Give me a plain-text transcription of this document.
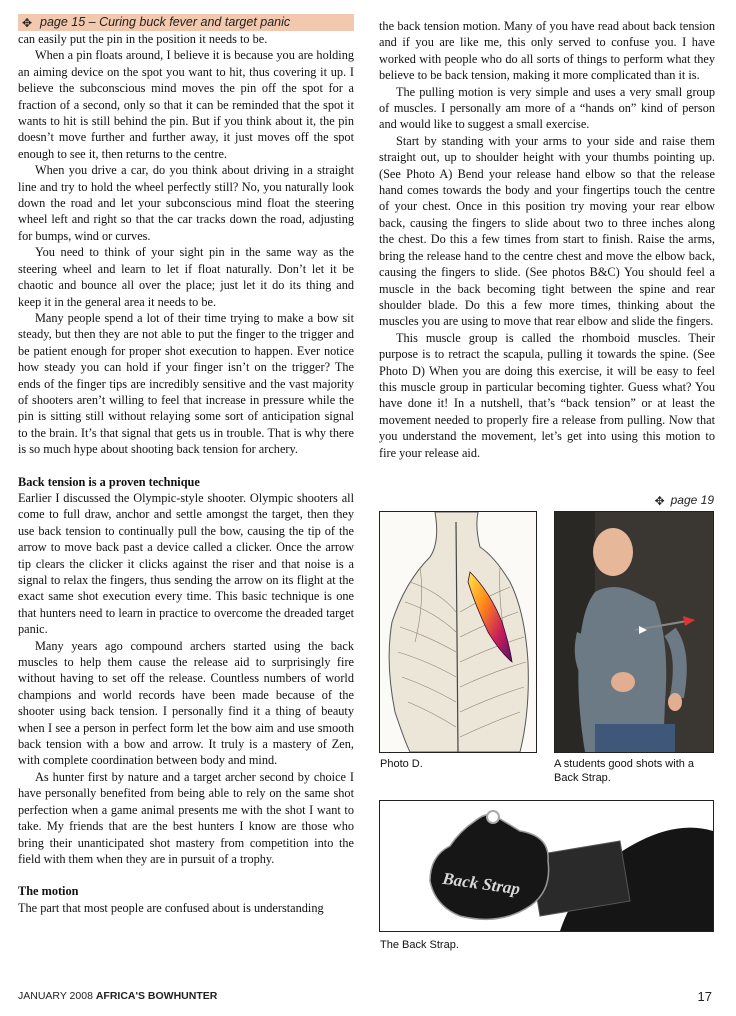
✥ page 15 – Curing buck fever and target panic

can easily put the pin in the position it needs to be.

When a pin floats around, I believe it is because you are holding an aiming device on the spot you want to hit, thus covering it up. I believe the subconscious mind moves the pin off the spot for a fraction of a second, only so that it can be reminded that the spot it wants to hit is still behind the pin. But if you think about it, the pin doesn’t move further and further away, it just moves off the spot enough to see it, then returns to the centre.

When you drive a car, do you think about driving in a straight line and try to hold the wheel perfectly still? No, you naturally look down the road and let your subconscious mind float the steering wheel left and right so that the car tracks down the road, adjusting for bumps, wind or curves.

You need to think of your sight pin in the same way as the steering wheel and learn to let if float naturally. Don’t let it be chaotic and bounce all over the place; just let it do its thing and keep it in the general area it needs to be.

Many people spend a lot of their time trying to make a bow sit steady, but then they are not able to put the finger to the trigger and be patient enough for proper shot execution to happen. Ever notice how steady you can hold if your finger isn’t on the trigger? The ends of the finger tips are incredibly sensitive and the vast majority of shooters aren’t willing to feel that increase in pressure while the pin is sitting still without relaying some sort of anticipation signal to the brain. It’s that signal that gets us in trouble. That is why there is so much hype about shooting back tension for archery.

Back tension is a proven technique

Earlier I discussed the Olympic-style shooter. Olympic shooters all come to full draw, anchor and settle amongst the target, then they use back tension to continually pull the bow, causing the tip of the arrow to move back past a device called a clicker. Once the arrow tip clears the clicker it clicks against the riser and that noise is a signal to relax the fingers, thus sending the arrow on its flight at the exact same shot execution every time. This basic technique is one that hunters need to learn in practice to overcome the dreaded target panic.

Many years ago compound archers started using the back muscles to help them cause the release aid to surprisingly fire without having to set off the release. Countless numbers of world champions and world records have been made because of the shooter using back tension. I personally find it a thing of beauty when I see a person in perfect form let the bow aim and use smooth back tension with a bow and arrow. It truly is a mastery of Zen, with complete coordination between body and mind.

As hunter first by nature and a target archer second by choice I have personally benefited from being able to rely on the same shot perfection when a game animal presents me with the shot I want to take. My friends that are the best hunters I know are those who bring their unanticipated shot mastery from competition into the field with them when they are in pursuit of a trophy.

The motion

The part that most people are confused about is understanding

the back tension motion. Many of you have read about back tension and if you are like me, this only served to confuse you. I have worked with people who do all sorts of things to perform what they believe to be back tension, making it more complicated than it is.

The pulling motion is very simple and uses a very small group of muscles. I personally am more of a “hands on” kind of person and would like to suggest a small exercise.

Start by standing with your arms to your side and raise them straight out, up to shoulder height with your thumbs pointing up. (See Photo A) Bend your release hand elbow so that the release hand comes towards the body and your fingertips touch the centre of your chest. Once in this position try moving your rear elbow back, causing the fingers to slide about two to three inches along the chest. Do this a few times from start to finish. Raise the arms, bring the release hand to the centre chest and move the elbow back, causing the fingers to slide. (See photos B&C) You should feel a muscle in the back becoming tight between the spine and rear shoulder blade. Do this a few more times, thinking about the muscles you are using to move that rear elbow and slide the fingers.

This muscle group is called the rhomboid muscles. Their purpose is to retract the scapula, pulling it towards the spine. (See Photo D) When you are doing this exercise, it will be easy to feel this muscle group in particular becoming tighter. Guess what? You have done it! In a nutshell, that’s “back tension” or at least the movement needed to properly fire a release from pulling. Now that you understand the movement, let’s get into using this motion to fire your release aid.

✥ page 19
Photo D.	A students good shots with a Back Strap.
Back Strap
The Back Strap.
JANUARY 2008 AFRICA'S BOWHUNTER	17
